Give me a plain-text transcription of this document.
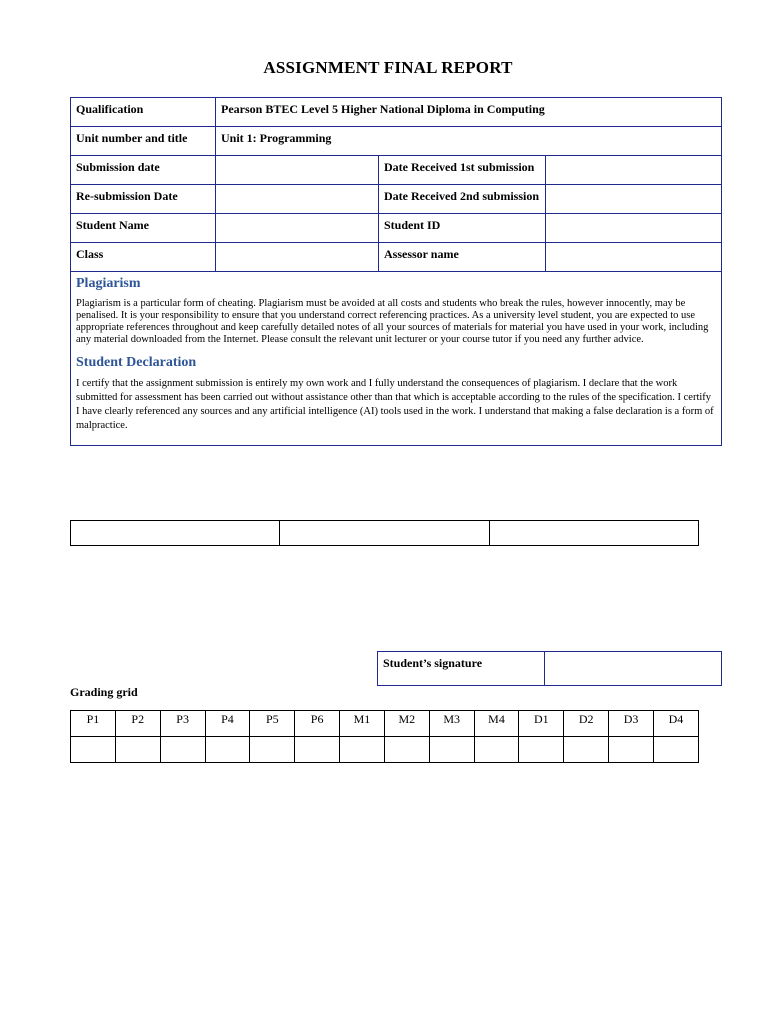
ASSIGNMENT FINAL REPORT
Qualification	Pearson BTEC Level 5 Higher National Diploma in Computing		
Unit number and title	Unit 1: Programming		
Submission date		Date Received 1st submission	
Re-submission Date		Date Received 2nd submission	
Student Name		Student ID	
Class		Assessor name	

Plagiarism

Plagiarism is a particular form of cheating. Plagiarism must be avoided at all costs and students who break the rules, however innocently, may be penalised. It is your responsibility to ensure that you understand correct referencing practices. As a university level student, you are expected to use appropriate references throughout and keep carefully detailed notes of all your sources of materials for material you have used in your work, including any material downloaded from the Internet. Please consult the relevant unit lecturer or your course tutor if you need any further advice.

Student Declaration

I certify that the assignment submission is entirely my own work and I fully understand the consequences of plagiarism. I declare that the work submitted for assessment has been carried out without assistance other than that which is acceptable according to the rules of the specification. I certify I have clearly referenced any sources and any artificial intelligence (AI) tools used in the work. I understand that making a false declaration is a form of malpractice.			

Student’s signature	
Grading grid
P1	P2	P3	P4	P5	P6	M1	M2	M3	M4	D1	D2	D3	D4
